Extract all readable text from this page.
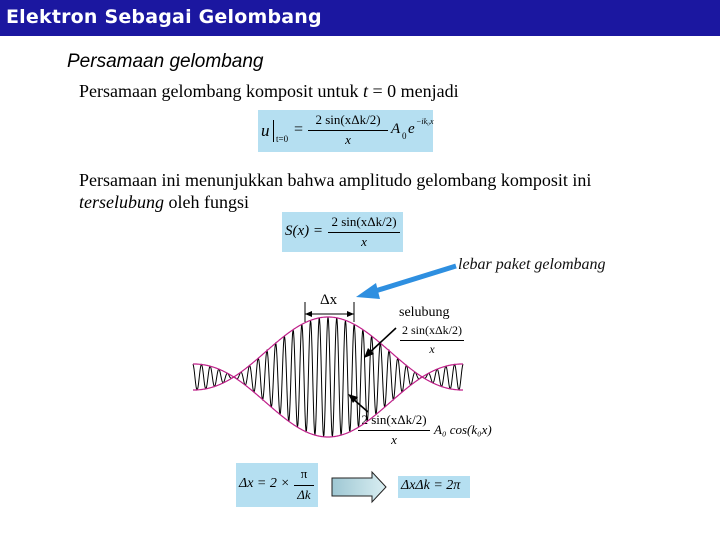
Elektron Sebagai Gelombang
Persamaan gelombang
Persamaan gelombang komposit untuk t = 0 menjadi
u t=0
=
2 sin(xΔk/2)
x
A 0 e −ik₀x
Persamaan ini menunjukkan bahwa amplitudo gelombang komposit ini
terselubung oleh fungsi
S(x) =
2 sin(xΔk/2)
x
lebar paket gelombang
Δx
selubung
2 sin(xΔk/2)
x
2 sin(xΔk/2)
x
A₀ cos(k₀x)
Δx = 2 ×
π
Δk
ΔxΔk = 2π
